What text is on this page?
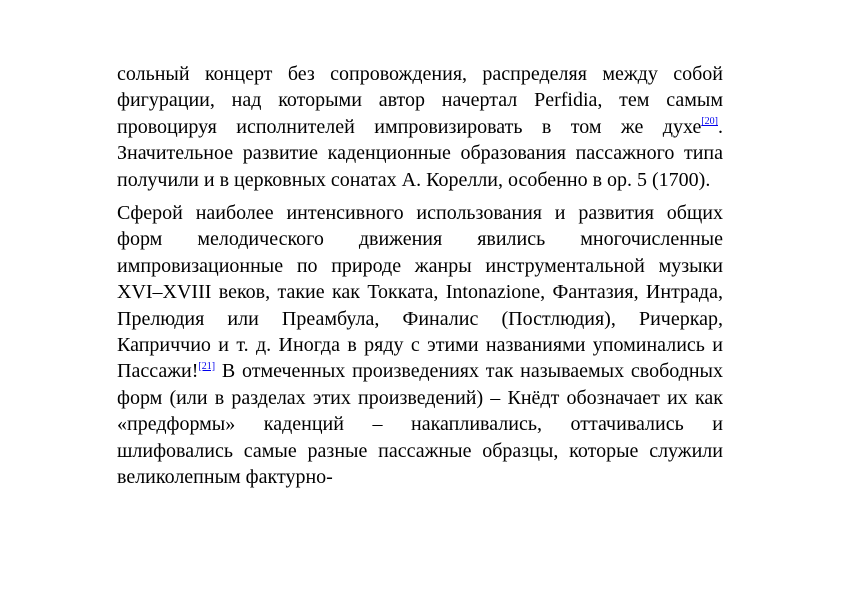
сольный концерт без сопровождения, распределяя между собой фигурации, над которыми автор начертал Perfidia, тем самым провоцируя исполнителей импровизировать в том же духе[20]. Значительное развитие каденционные образования пассажного типа получили и в церковных сонатах А. Корелли, особенно в ор. 5 (1700).

Сферой наиболее интенсивного использования и развития общих форм мелодического движения явились многочисленные импровизационные по природе жанры инструментальной музыки XVI–XVIII веков, такие как Токката, Intonazione, Фантазия, Интрада, Прелюдия или Преамбула, Финалис (Постлюдия), Ричеркар, Каприччио и т. д. Иногда в ряду с этими названиями упоминались и Пассажи![21] В отмеченных произведениях так называемых свободных форм (или в разделах этих произведений) – Кнёдт обозначает их как «предформы» каденций – накапливались, оттачивались и шлифовались самые разные пассажные образцы, которые служили великолепным фактурно-
